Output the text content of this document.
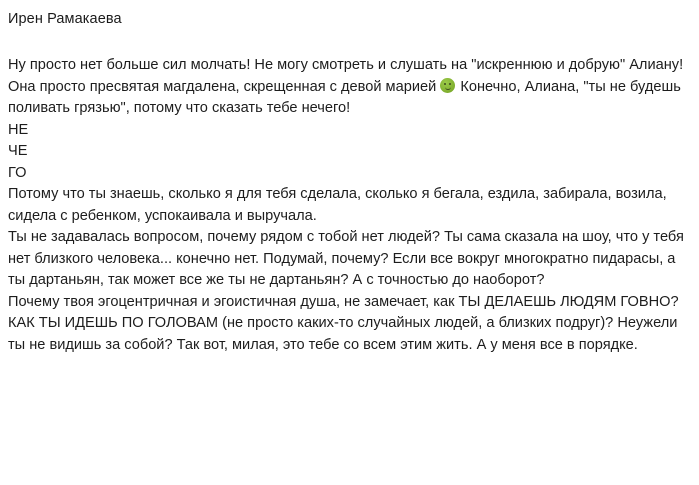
Ирен Рамакаева

Ну просто нет больше сил молчать! Не могу смотреть и слушать на "искреннюю и добрую" Алиану! Она просто пресвятая магдалена, скрещенная с девой марией Конечно, Алиана, "ты не будешь поливать грязью", потому что сказать тебе нечего!

НЕ
ЧЕ
ГО

Потому что ты знаешь, сколько я для тебя сделала, сколько я бегала, ездила, забирала, возила, сидела с ребенком, успокаивала и выручала.

Ты не задавалась вопросом, почему рядом с тобой нет людей? Ты сама сказала на шоу, что у тебя нет близкого человека... конечно нет. Подумай, почему? Если все вокруг многократно пидарасы, а ты дартаньян, так может все же ты не дартаньян? А с точностью до наоборот?

Почему твоя эгоцентричная и эгоистичная душа, не замечает, как ТЫ ДЕЛАЕШЬ ЛЮДЯМ ГОВНО? КАК ТЫ ИДЕШЬ ПО ГОЛОВАМ (не просто каких-то случайных людей, а близких подруг)? Неужели ты не видишь за собой? Так вот, милая, это тебе со всем этим жить. А у меня все в порядке.
